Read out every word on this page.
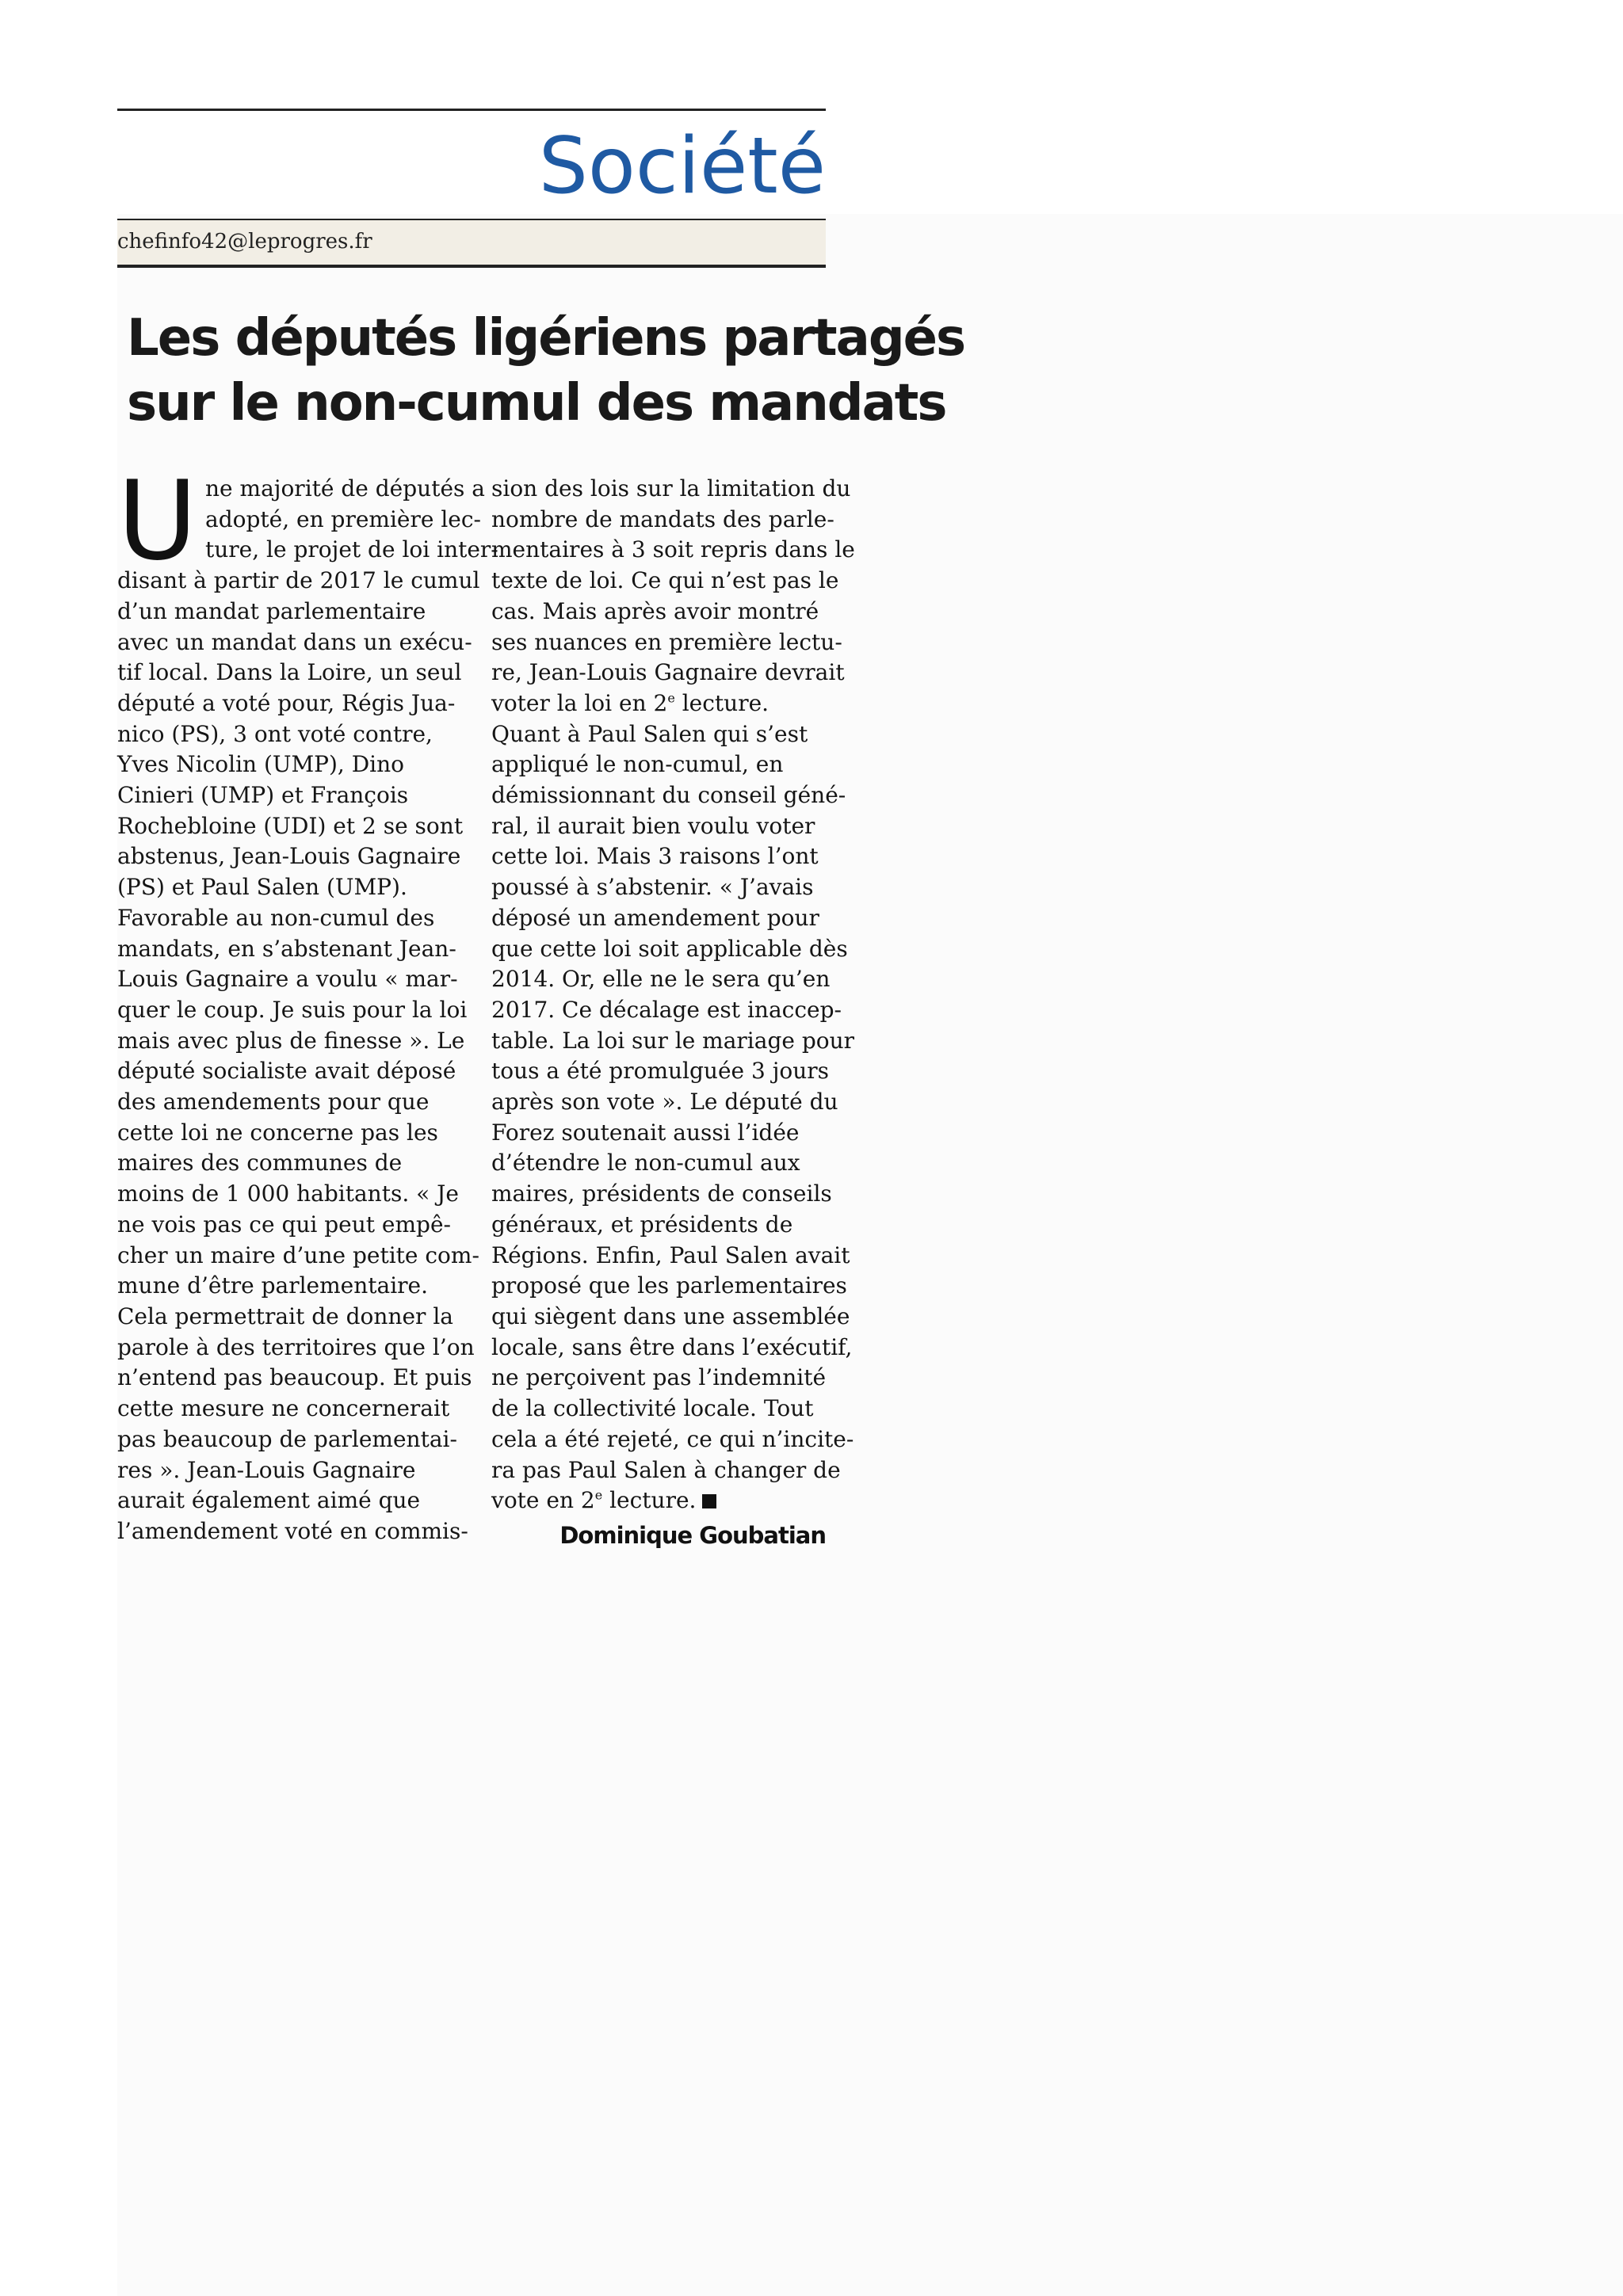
Société
chefinfo42@leprogres.fr
Les députés ligériens partagés
sur le non-cumul des mandats
U ne majorité de députés a
adopté, en première lec-
ture, le projet de loi inter-
disant à partir de 2017 le cumul
d’un mandat parlementaire
avec un mandat dans un exécu-
tif local. Dans la Loire, un seul
député a voté pour, Régis Jua-
nico (PS), 3 ont voté contre,
Yves Nicolin (UMP), Dino
Cinieri (UMP) et François
Rochebloine (UDI) et 2 se sont
abstenus, Jean-Louis Gagnaire
(PS) et Paul Salen (UMP).
Favorable au non-cumul des
mandats, en s’abstenant Jean-
Louis Gagnaire a voulu « mar-
quer le coup. Je suis pour la loi
mais avec plus de finesse ». Le
député socialiste avait déposé
des amendements pour que
cette loi ne concerne pas les
maires des communes de
moins de 1 000 habitants. « Je
ne vois pas ce qui peut empê-
cher un maire d’une petite com-
mune d’être parlementaire.
Cela permettrait de donner la
parole à des territoires que l’on
n’entend pas beaucoup. Et puis
cette mesure ne concernerait
pas beaucoup de parlementai-
res ». Jean-Louis Gagnaire
aurait également aimé que
l’amendement voté en commis-
sion des lois sur la limitation du
nombre de mandats des parle-
mentaires à 3 soit repris dans le
texte de loi. Ce qui n’est pas le
cas. Mais après avoir montré
ses nuances en première lectu-
re, Jean-Louis Gagnaire devrait
voter la loi en 2e lecture.
Quant à Paul Salen qui s’est
appliqué le non-cumul, en
démissionnant du conseil géné-
ral, il aurait bien voulu voter
cette loi. Mais 3 raisons l’ont
poussé à s’abstenir. « J’avais
déposé un amendement pour
que cette loi soit applicable dès
2014. Or, elle ne le sera qu’en
2017. Ce décalage est inaccep-
table. La loi sur le mariage pour
tous a été promulguée 3 jours
après son vote ». Le député du
Forez soutenait aussi l’idée
d’étendre le non-cumul aux
maires, présidents de conseils
généraux, et présidents de
Régions. Enfin, Paul Salen avait
proposé que les parlementaires
qui siègent dans une assemblée
locale, sans être dans l’exécutif,
ne perçoivent pas l’indemnité
de la collectivité locale. Tout
cela a été rejeté, ce qui n’incite-
ra pas Paul Salen à changer de
vote en 2e lecture.
Dominique Goubatian
